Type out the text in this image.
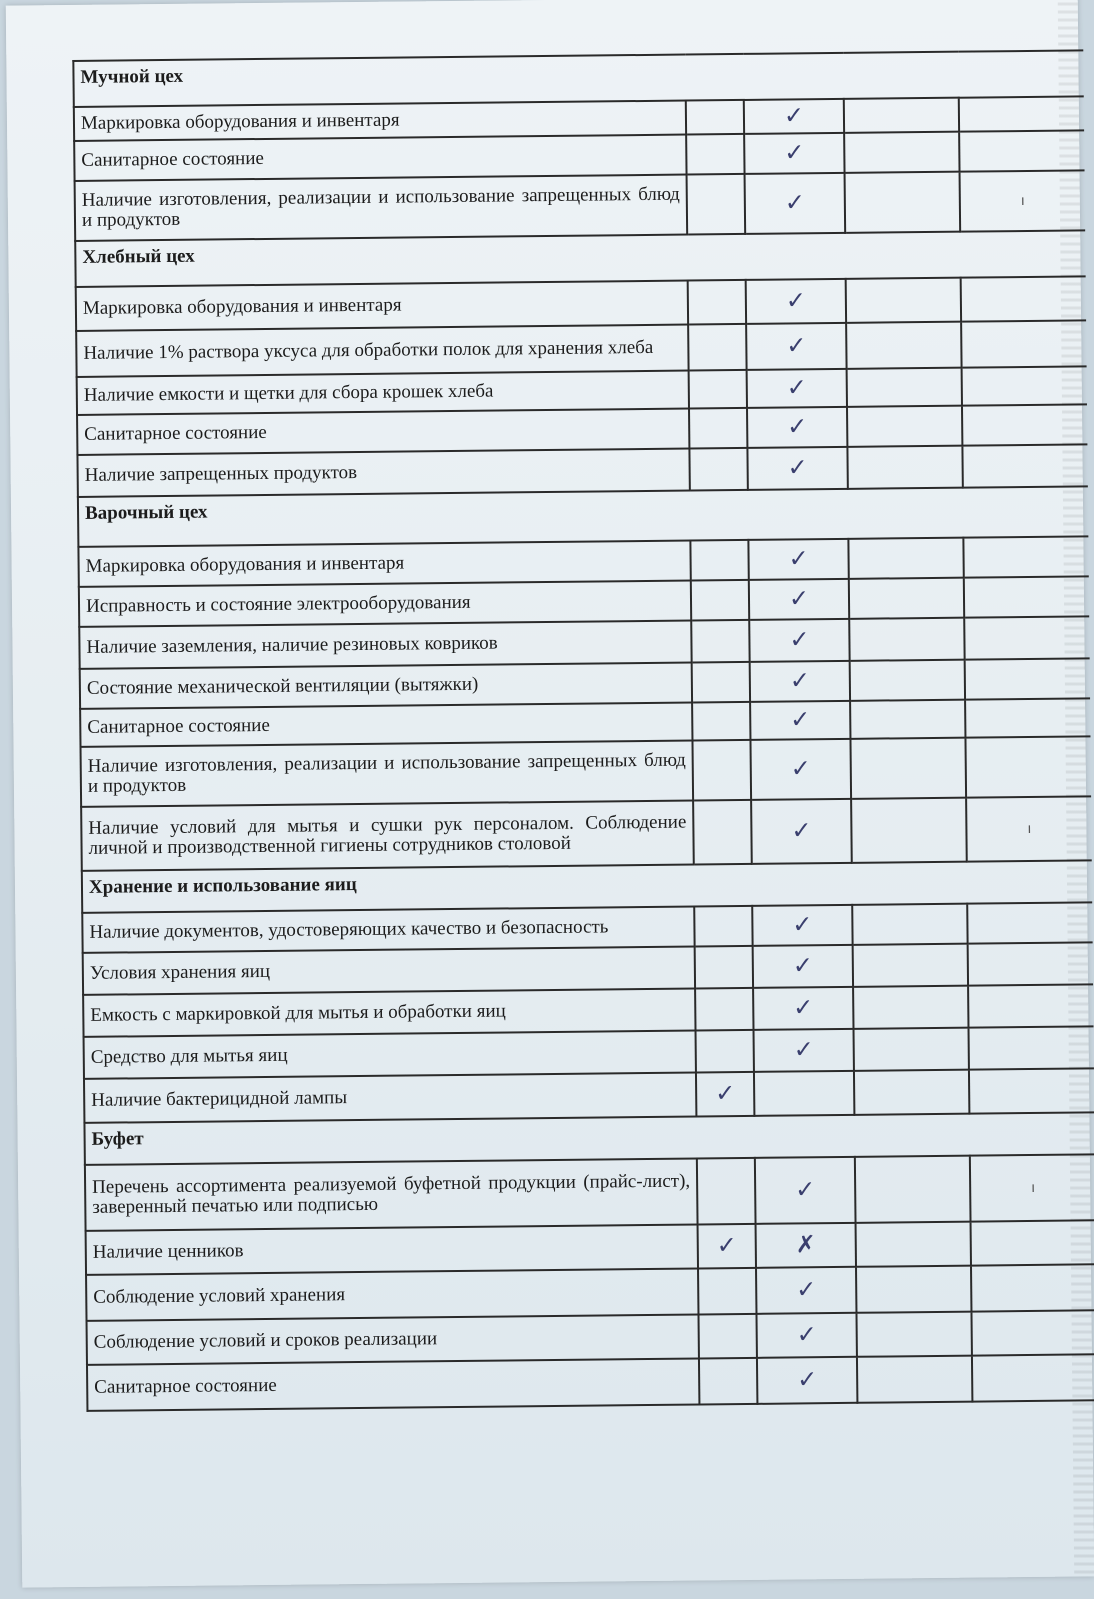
Мучной цех				
Маркировка оборудования и инвентаря		✓		
Санитарное состояние		✓		
Наличие изготовления, реализации и использование запрещенных блюд и продуктов		✓		ı
Хлебный цех				
Маркировка оборудования и инвентаря		✓		
Наличие 1% раствора уксуса для обработки полок для хранения хлеба		✓		
Наличие емкости и щетки для сбора крошек хлеба		✓		
Санитарное состояние		✓		
Наличие запрещенных продуктов		✓		
Варочный цех				
Маркировка оборудования и инвентаря		✓		
Исправность и состояние электрооборудования		✓		
Наличие заземления, наличие резиновых ковриков		✓		
Состояние механической вентиляции (вытяжки)		✓		
Санитарное состояние		✓		
Наличие изготовления, реализации и использование запрещенных блюд и продуктов		✓		
Наличие условий для мытья и сушки рук персоналом. Соблюдение личной и производственной гигиены сотрудников столовой		✓		ı
Хранение и использование яиц				
Наличие документов, удостоверяющих качество и безопасность		✓		
Условия хранения яиц		✓		
Емкость с маркировкой для мытья и обработки яиц		✓		
Средство для мытья яиц		✓		
Наличие бактерицидной лампы	✓			
Буфет				
Перечень ассортимента реализуемой буфетной продукции (прайс-лист), заверенный печатью или подписью		✓		ı
Наличие ценников	✓	✗		
Соблюдение условий хранения		✓		
Соблюдение условий и сроков реализации		✓		
Санитарное состояние		✓		
